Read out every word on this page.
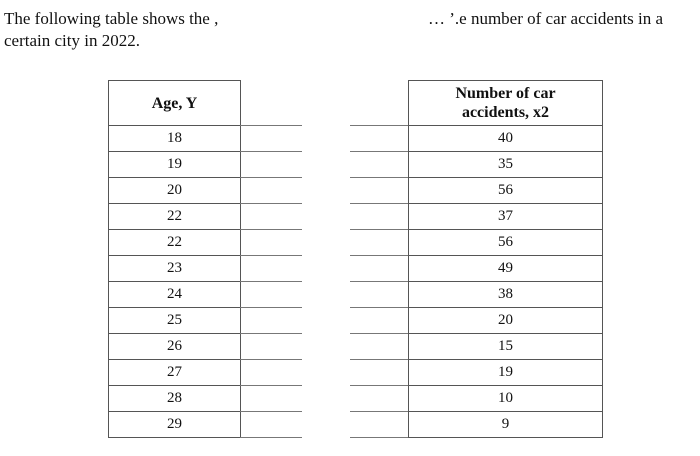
The following table shows the ,	… ’.e number of car accidents in a
certain city in 2022.
Age, Y		Number of car
accidents, x2
18		40
19		35
20		56
22		37
22		56
23		49
24		38
25		20
26		15
27		19
28		10
29		9
